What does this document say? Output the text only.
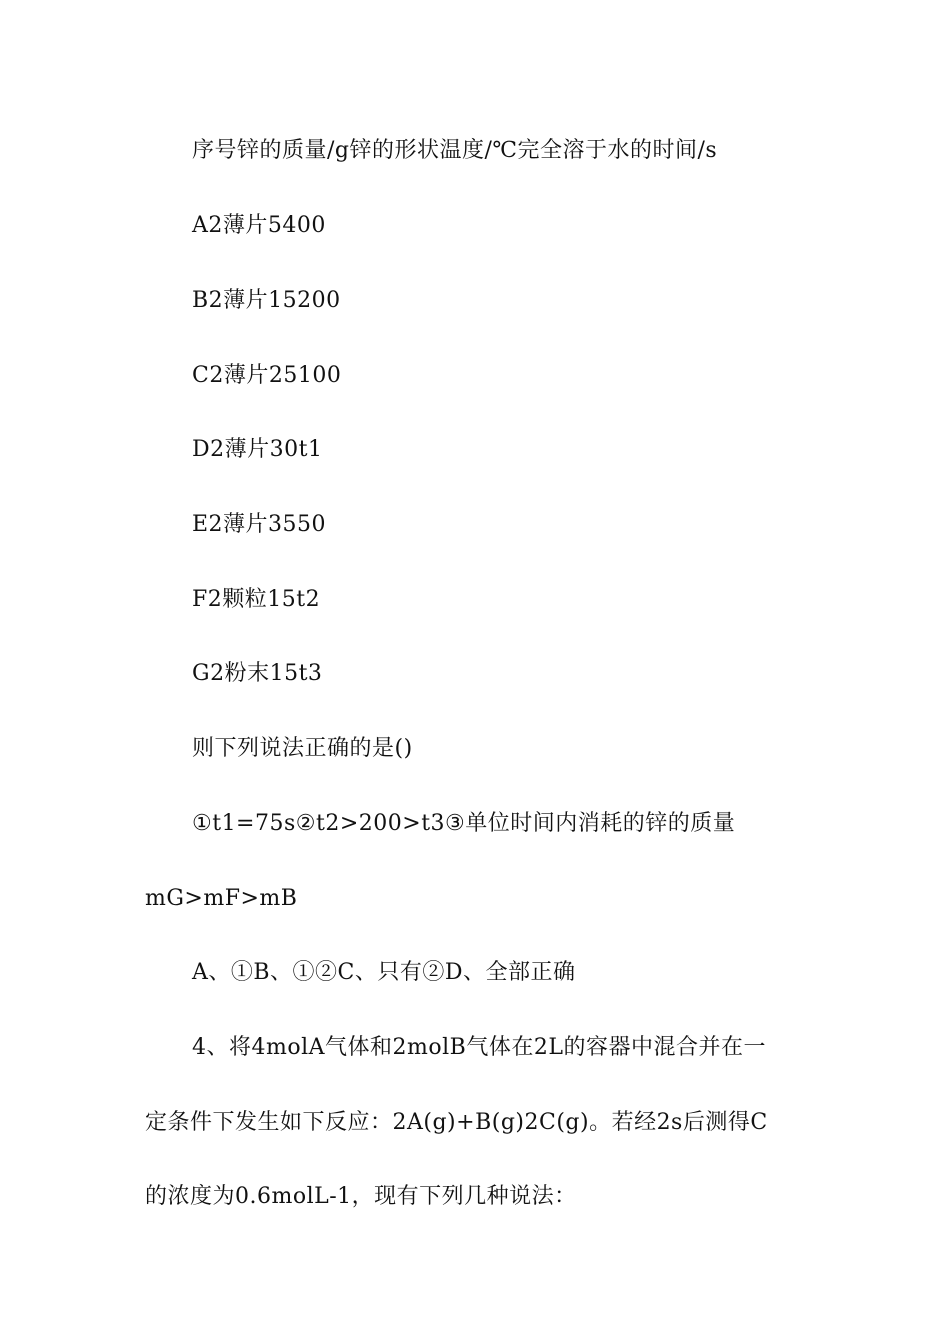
序号锌的质量/g锌的形状温度/℃完全溶于水的时间/s
A2薄片5400
B2薄片15200
C2薄片25100
D2薄片30t1
E2薄片3550
F2颗粒15t2
G2粉末15t3
则下列说法正确的是()
①t1=75s②t2>200>t3③单位时间内消耗的锌的质量
mG>mF>mB
A、①B、①②C、只有②D、全部正确
4、将4molA气体和2molB气体在2L的容器中混合并在一
定条件下发生如下反应：2A(g)+B(g)2C(g)。若经2s后测得C
的浓度为0.6molL-1，现有下列几种说法：
